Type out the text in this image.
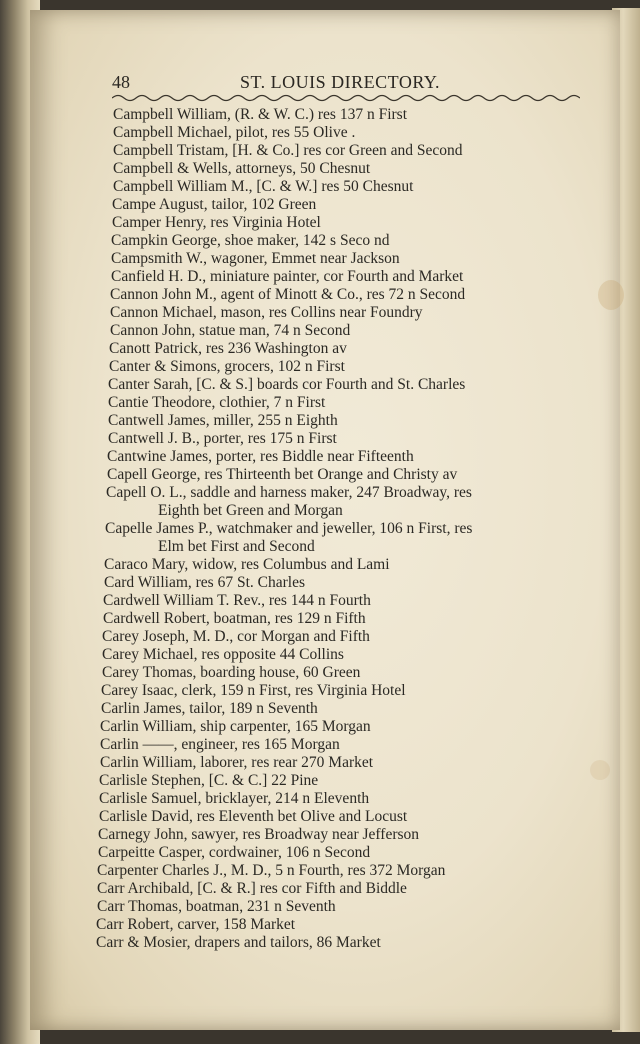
48	ST. LOUIS DIRECTORY.
Campbell William, (R. & W. C.) res 137 n First
Campbell Michael, pilot, res 55 Olive .
Campbell Tristam, [H. & Co.] res cor Green and Second
Campbell & Wells, attorneys, 50 Chesnut
Campbell William M., [C. & W.] res 50 Chesnut
Campe August, tailor, 102 Green
Camper Henry, res Virginia Hotel
Campkin George, shoe maker, 142 s Seco nd
Campsmith W., wagoner, Emmet near Jackson
Canfield H. D., miniature painter, cor Fourth and Market
Cannon John M., agent of Minott & Co., res 72 n Second
Cannon Michael, mason, res Collins near Foundry
Cannon John, statue man, 74 n Second
Canott Patrick, res 236 Washington av
Canter & Simons, grocers, 102 n First
Canter Sarah, [C. & S.] boards cor Fourth and St. Charles
Cantie Theodore, clothier, 7 n First
Cantwell James, miller, 255 n Eighth
Cantwell J. B., porter, res 175 n First
Cantwine James, porter, res Biddle near Fifteenth
Capell George, res Thirteenth bet Orange and Christy av
Capell O. L., saddle and harness maker, 247 Broadway, res
Eighth bet Green and Morgan
Capelle James P., watchmaker and jeweller, 106 n First, res
Elm bet First and Second
Caraco Mary, widow, res Columbus and Lami
Card William, res 67 St. Charles
Cardwell William T. Rev., res 144 n Fourth
Cardwell Robert, boatman, res 129 n Fifth
Carey Joseph, M. D., cor Morgan and Fifth
Carey Michael, res opposite 44 Collins
Carey Thomas, boarding house, 60 Green
Carey Isaac, clerk, 159 n First, res Virginia Hotel
Carlin James, tailor, 189 n Seventh
Carlin William, ship carpenter, 165 Morgan
Carlin ——, engineer, res 165 Morgan
Carlin William, laborer, res rear 270 Market
Carlisle Stephen, [C. & C.] 22 Pine
Carlisle Samuel, bricklayer, 214 n Eleventh
Carlisle David, res Eleventh bet Olive and Locust
Carnegy John, sawyer, res Broadway near Jefferson
Carpeitte Casper, cordwainer, 106 n Second
Carpenter Charles J., M. D., 5 n Fourth, res 372 Morgan
Carr Archibald, [C. & R.] res cor Fifth and Biddle
Carr Thomas, boatman, 231 n Seventh
Carr Robert, carver, 158 Market
Carr & Mosier, drapers and tailors, 86 Market
